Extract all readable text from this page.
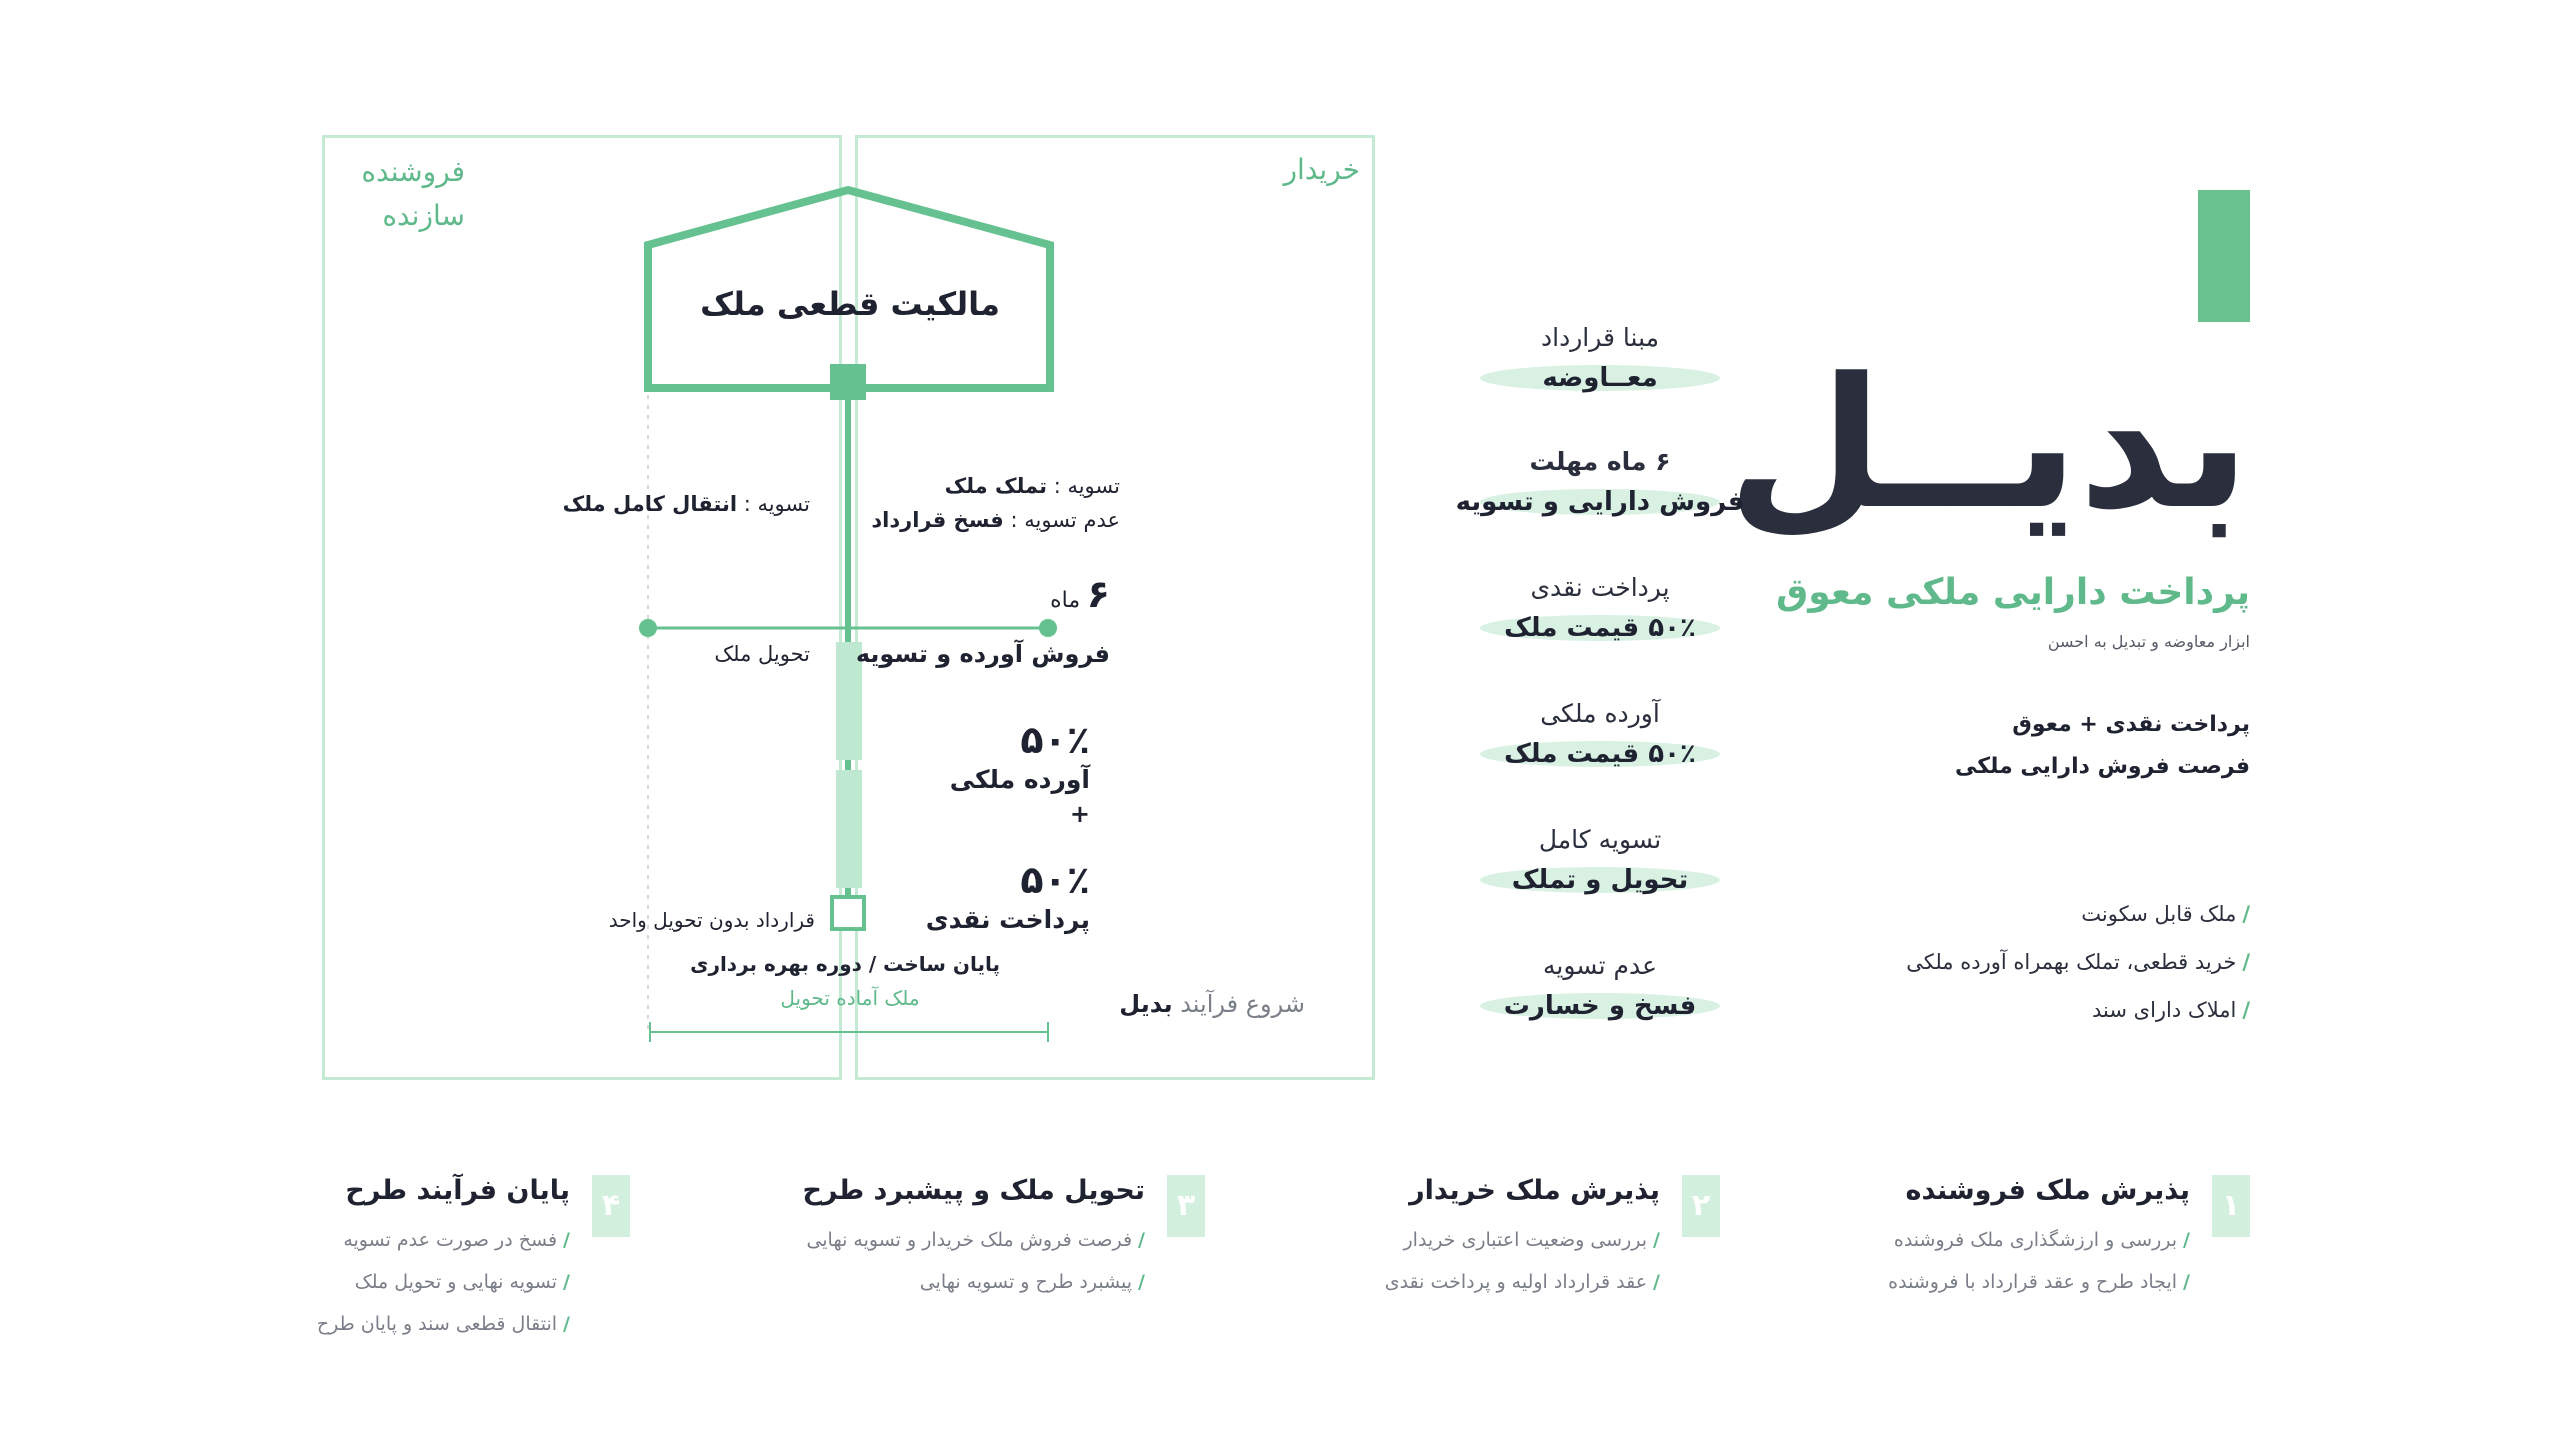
بدیــل
پرداخت دارایی ملکی معوق
ابزار معاوضه و تبدیل به احسن
پرداخت نقدی + معوق
فرصت فروش دارایی ملکی
/ملک قابل سکونت
/خرید قطعی، تملک بهمراه آورده ملکی
/املاک دارای سند
مبنا قرارداد
معــاوضه
۶ ماه مهلت
فروش دارایی و تسویه
پرداخت نقدی
۵۰٪ قیمت ملک
آورده ملکی
۵۰٪ قیمت ملک
تسویه کامل
تحویل و تملک
عدم تسویه
فسخ و خسارت
خریدار
فروشنده
سازنده
مالکیت قطعی ملک
تسویه : تملک ملک
عدم تسویه : فسخ قرارداد
تسویه : انتقال کامل ملک
۶ ماه
فروش آورده و تسویه
تحویل ملک
۵۰٪
آورده ملکی
+
۵۰٪
پرداخت نقدی
قرارداد بدون تحویل واحد
پایان ساخت / دوره بهره برداری
ملک آماده تحویل	شروع فرآیند بدیل
۱
پذیرش ملک فروشنده
/بررسی و ارزشگذاری ملک فروشنده
/ایجاد طرح و عقد قرارداد با فروشنده
۲
پذیرش ملک خریدار
/بررسی وضعیت اعتباری خریدار
/عقد قرارداد اولیه و پرداخت نقدی
۳
تحویل ملک و پیشبرد طرح
/فرصت فروش ملک خریدار و تسویه نهایی
/پیشبرد طرح و تسویه نهایی
۴
پایان فرآیند طرح
/فسخ در صورت عدم تسویه
/تسویه نهایی و تحویل ملک
/انتقال قطعی سند و پایان طرح
